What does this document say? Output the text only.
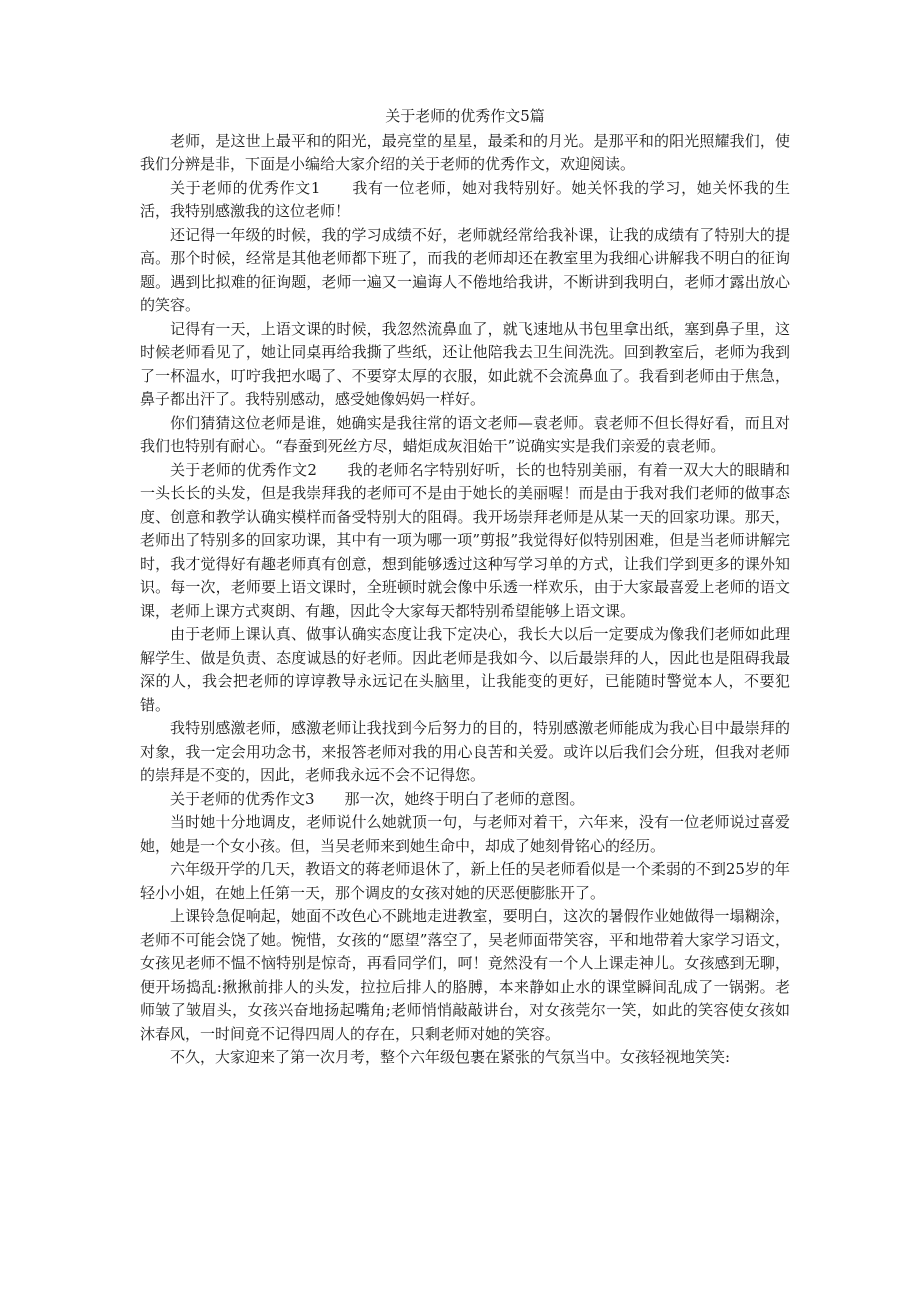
关于老师的优秀作文5篇

老师，是这世上最平和的阳光，最亮堂的星星，最柔和的月光。是那平和的阳光照耀我们，使我们分辨是非，下面是小编给大家介绍的关于老师的优秀作文，欢迎阅读。

关于老师的优秀作文1　　我有一位老师，她对我特别好。她关怀我的学习，她关怀我的生活，我特别感激我的这位老师！

还记得一年级的时候，我的学习成绩不好，老师就经常给我补课，让我的成绩有了特别大的提高。那个时候，经常是其他老师都下班了，而我的老师却还在教室里为我细心讲解我不明白的征询题。遇到比拟难的征询题，老师一遍又一遍诲人不倦地给我讲，不断讲到我明白，老师才露出放心的笑容。

记得有一天，上语文课的时候，我忽然流鼻血了，就飞速地从书包里拿出纸，塞到鼻子里，这时候老师看见了，她让同桌再给我撕了些纸，还让他陪我去卫生间洗洗。回到教室后，老师为我到了一杯温水，叮咛我把水喝了、不要穿太厚的衣服，如此就不会流鼻血了。我看到老师由于焦急，鼻子都出汗了。我特别感动，感受她像妈妈一样好。

你们猜猜这位老师是谁，她确实是我往常的语文老师—袁老师。袁老师不但长得好看，而且对我们也特别有耐心。“春蚕到死丝方尽，蜡炬成灰泪始干”说确实实是我们亲爱的袁老师。

关于老师的优秀作文2　　我的老师名字特别好听，长的也特别美丽，有着一双大大的眼睛和一头长长的头发，但是我崇拜我的老师可不是由于她长的美丽喔！而是由于我对我们老师的做事态度、创意和教学认确实模样而备受特别大的阻碍。我开场崇拜老师是从某一天的回家功课。那天，老师出了特别多的回家功课，其中有一项为哪一项”剪报”我觉得好似特别困难，但是当老师讲解完时，我才觉得好有趣老师真有创意，想到能够透过这种写学习单的方式，让我们学到更多的课外知识。每一次，老师要上语文课时，全班顿时就会像中乐透一样欢乐，由于大家最喜爱上老师的语文课，老师上课方式爽朗、有趣，因此令大家每天都特别希望能够上语文课。

由于老师上课认真、做事认确实态度让我下定决心，我长大以后一定要成为像我们老师如此理解学生、做是负责、态度诚恳的好老师。因此老师是我如今、以后最崇拜的人，因此也是阻碍我最深的人，我会把老师的谆谆教导永远记在头脑里，让我能变的更好，已能随时警觉本人，不要犯错。

我特别感激老师，感激老师让我找到今后努力的目的，特别感激老师能成为我心目中最崇拜的对象，我一定会用功念书，来报答老师对我的用心良苦和关爱。或许以后我们会分班，但我对老师的崇拜是不变的，因此，老师我永远不会不记得您。

关于老师的优秀作文3　　那一次，她终于明白了老师的意图。

当时她十分地调皮，老师说什么她就顶一句，与老师对着干，六年来，没有一位老师说过喜爱她，她是一个女小孩。但，当吴老师来到她生命中，却成了她刻骨铭心的经历。

六年级开学的几天，教语文的蒋老师退休了，新上任的吴老师看似是一个柔弱的不到25岁的年轻小小姐，在她上任第一天，那个调皮的女孩对她的厌恶便膨胀开了。

上课铃急促响起，她面不改色心不跳地走进教室，要明白，这次的暑假作业她做得一塌糊涂，老师不可能会饶了她。惋惜，女孩的“愿望”落空了，吴老师面带笑容，平和地带着大家学习语文，女孩见老师不愠不恼特别是惊奇，再看同学们，呵！竟然没有一个人上课走神儿。女孩感到无聊，便开场捣乱:揪揪前排人的头发，拉拉后排人的胳膊，本来静如止水的课堂瞬间乱成了一锅粥。老师皱了皱眉头，女孩兴奋地扬起嘴角;老师悄悄敲敲讲台，对女孩莞尔一笑，如此的笑容使女孩如沐春风，一时间竟不记得四周人的存在，只剩老师对她的笑容。

不久，大家迎来了第一次月考，整个六年级包裹在紧张的气氛当中。女孩轻视地笑笑:
